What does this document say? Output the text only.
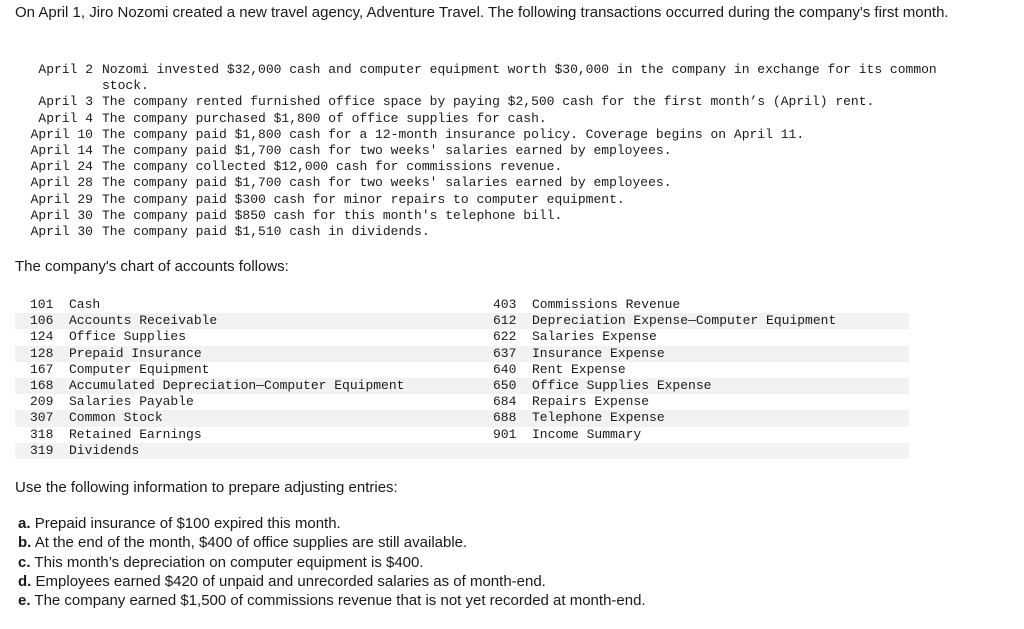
On April 1, Jiro Nozomi created a new travel agency, Adventure Travel. The following transactions occurred during the company's first month.

April 2 Nozomi invested $32,000 cash and computer equipment worth $30,000 in the company in exchange for its common
stock.
April 3 The company rented furnished office space by paying $2,500 cash for the first month’s (April) rent.
April 4 The company purchased $1,800 of office supplies for cash.
April 10 The company paid $1,800 cash for a 12-month insurance policy. Coverage begins on April 11.
April 14 The company paid $1,700 cash for two weeks' salaries earned by employees.
April 24 The company collected $12,000 cash for commissions revenue.
April 28 The company paid $1,700 cash for two weeks' salaries earned by employees.
April 29 The company paid $300 cash for minor repairs to computer equipment.
April 30 The company paid $850 cash for this month's telephone bill.
April 30 The company paid $1,510 cash in dividends.

The company's chart of accounts follows:

101	Cash	403	Commissions Revenue
106	Accounts Receivable	612	Depreciation Expense—Computer Equipment
124	Office Supplies	622	Salaries Expense
128	Prepaid Insurance	637	Insurance Expense
167	Computer Equipment	640	Rent Expense
168	Accumulated Depreciation—Computer Equipment	650	Office Supplies Expense
209	Salaries Payable	684	Repairs Expense
307	Common Stock	688	Telephone Expense
318	Retained Earnings	901	Income Summary
319	Dividends

Use the following information to prepare adjusting entries:

a. Prepaid insurance of $100 expired this month.
b. At the end of the month, $400 of office supplies are still available.
c. This month’s depreciation on computer equipment is $400.
d. Employees earned $420 of unpaid and unrecorded salaries as of month-end.
e. The company earned $1,500 of commissions revenue that is not yet recorded at month-end.
